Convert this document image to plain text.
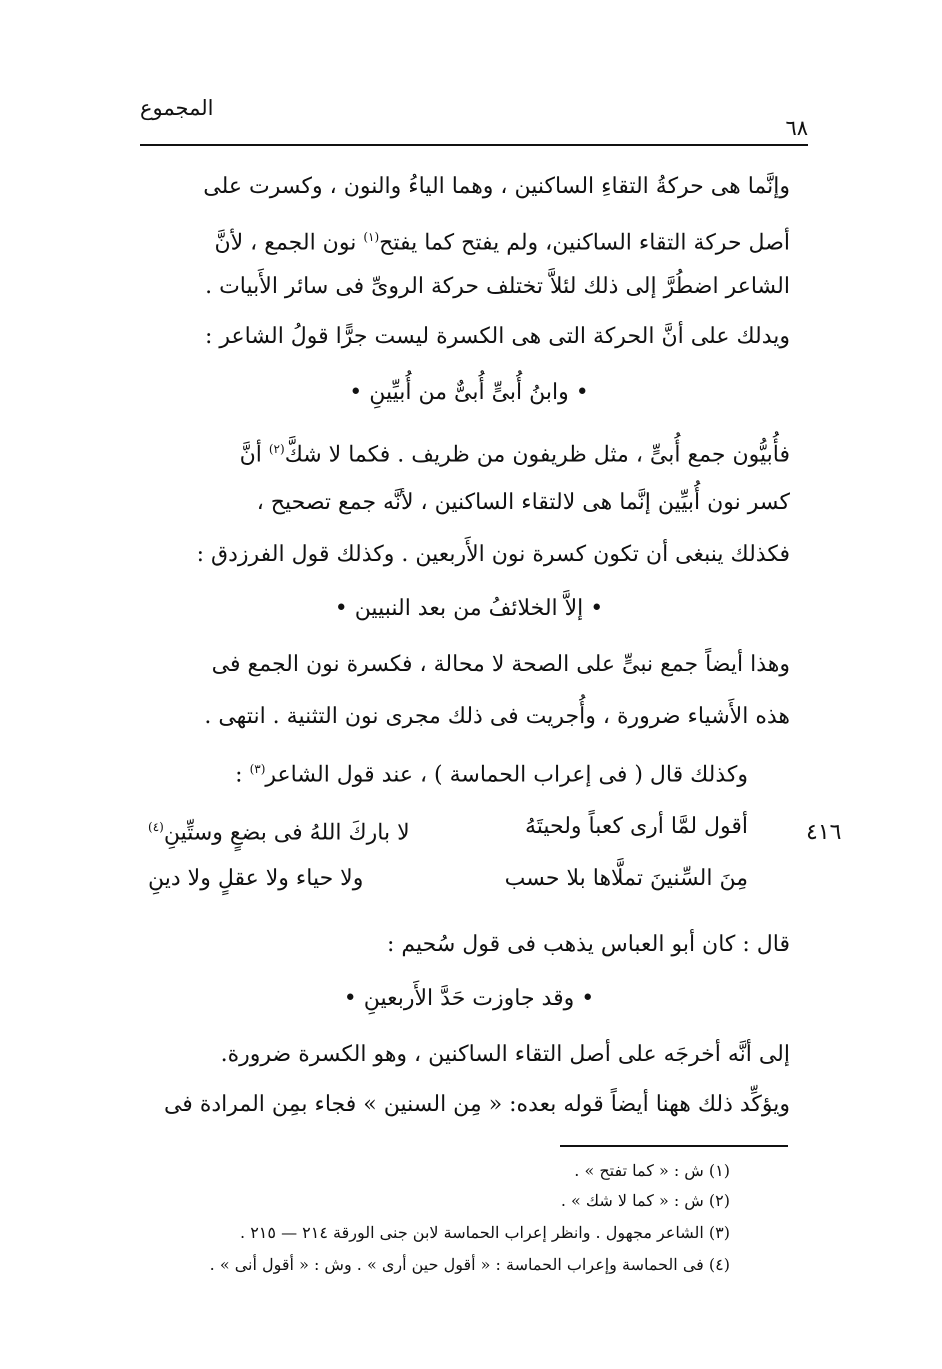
المجموع
٦٨
وإنَّما هى حركةُ التقاءِ الساكنين ، وهما الياءُ والنون ، وكسرت على
أصل حركة التقاء الساكنين، ولم يفتح كما يفتح$^{(١)}$ نون الجمع ، لأنَّ
الشاعر اضطُرَّ إلى ذلك لئلاَّ تختلف حركة الروىِّ فى سائر الأَبيات .
ويدلك على أنَّ الحركة التى هى الكسرة ليست جرًّا قولُ الشاعر :
• وابنُ أُبىٍّ أُبىٌّ من أُبيِّينِ •
فأُبيُّون جمع أُبىٍّ ، مثل ظريفون من ظريف . فكما لا شكَّ$^{(٢)}$ أنَّ
كسر نون أُبيِّين إنَّما هى لالتقاء الساكنين ، لأنَّه جمع تصحيح ،
فكذلك ينبغى أن تكون كسرة نون الأَربعين . وكذلك قول الفرزدق :
• إلاَّ الخلائفُ من بعد النبيين •
وهذا أيضاً جمع نبىٍّ على الصحة لا محالة ، فكسرة نون الجمع فى
هذه الأَشياء ضرورة ، وأُجريت فى ذلك مجرى نون التثنية . انتهى .
وكذلك قال ( فى إعراب الحماسة ) ، عند قول الشاعر$^{(٣)}$ :
أقول لمَّا أرى كعباً ولحيتَهُ
لا باركَ اللهُ فى بضعٍ وستِّينِ$^{(٤)}$	٤١٦
مِنَ السِّنينَ تملَّاها بلا حسب
ولا حياء ولا عقلٍ ولا دينِ
قال : كان أبو العباس يذهب فى قول سُحيم :
• وقد جاوزت حَدَّ الأَربعينِ •
إلى أنَّه أخرجَه على أصل التقاء الساكنين ، وهو الكسرة ضرورة.
ويؤكِّد ذلك ههنا أيضاً قوله بعده: « مِن السنين » فجاء بمِن المرادة فى
(١) ش : « كما تفتح » .
(٢) ش : « كما لا شك » .
(٣) الشاعر مجهول . وانظر إعراب الحماسة لابن جنى الورقة ٢١٤ — ٢١٥ .
(٤) فى الحماسة وإعراب الحماسة : « أقول حين أرى » . وش : « أقول أنى » .
